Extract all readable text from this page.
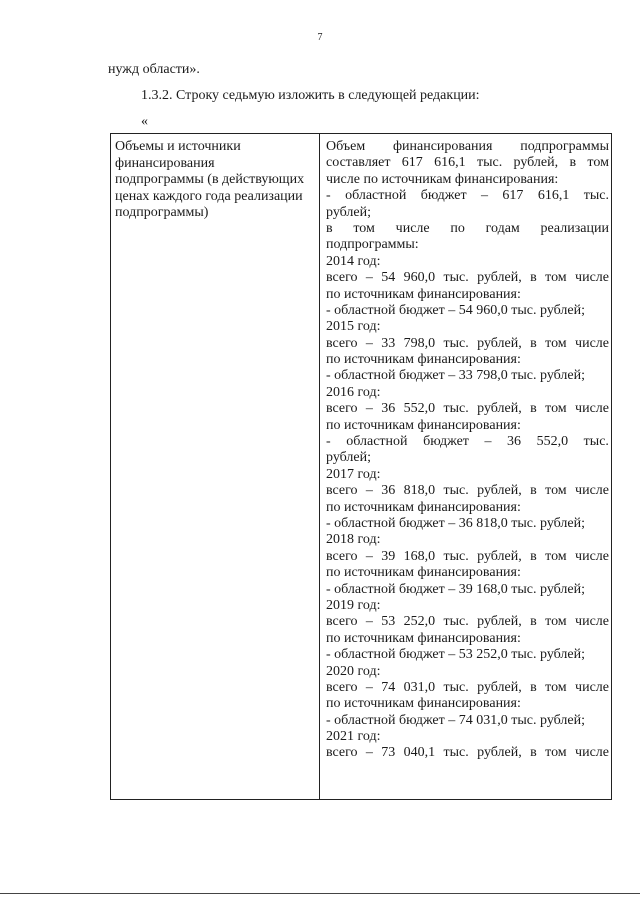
7
нужд области».
1.3.2. Строку седьмую изложить в следующей редакции:
«
Объемы и источники
финансирования
подпрограммы (в действующих
ценах каждого года реализации
подпрограммы)
Объем финансирования подпрограммы
составляет 617 616,1 тыс. рублей, в том
числе по источникам финансирования:
- областной бюджет – 617 616,1 тыс.
рублей;
в том числе по годам реализации
подпрограммы:
2014 год:
всего – 54 960,0 тыс. рублей, в том числе
по источникам финансирования:
- областной бюджет – 54 960,0 тыс. рублей;
2015 год:
всего – 33 798,0 тыс. рублей, в том числе
по источникам финансирования:
- областной бюджет – 33 798,0 тыс. рублей;
2016 год:
всего – 36 552,0 тыс. рублей, в том числе
по источникам финансирования:
- областной бюджет – 36 552,0 тыс.
рублей;
2017 год:
всего – 36 818,0 тыс. рублей, в том числе
по источникам финансирования:
- областной бюджет – 36 818,0 тыс. рублей;
2018 год:
всего – 39 168,0 тыс. рублей, в том числе
по источникам финансирования:
- областной бюджет – 39 168,0 тыс. рублей;
2019 год:
всего – 53 252,0 тыс. рублей, в том числе
по источникам финансирования:
- областной бюджет – 53 252,0 тыс. рублей;
2020 год:
всего – 74 031,0 тыс. рублей, в том числе
по источникам финансирования:
- областной бюджет – 74 031,0 тыс. рублей;
2021 год:
всего – 73 040,1 тыс. рублей, в том числе
